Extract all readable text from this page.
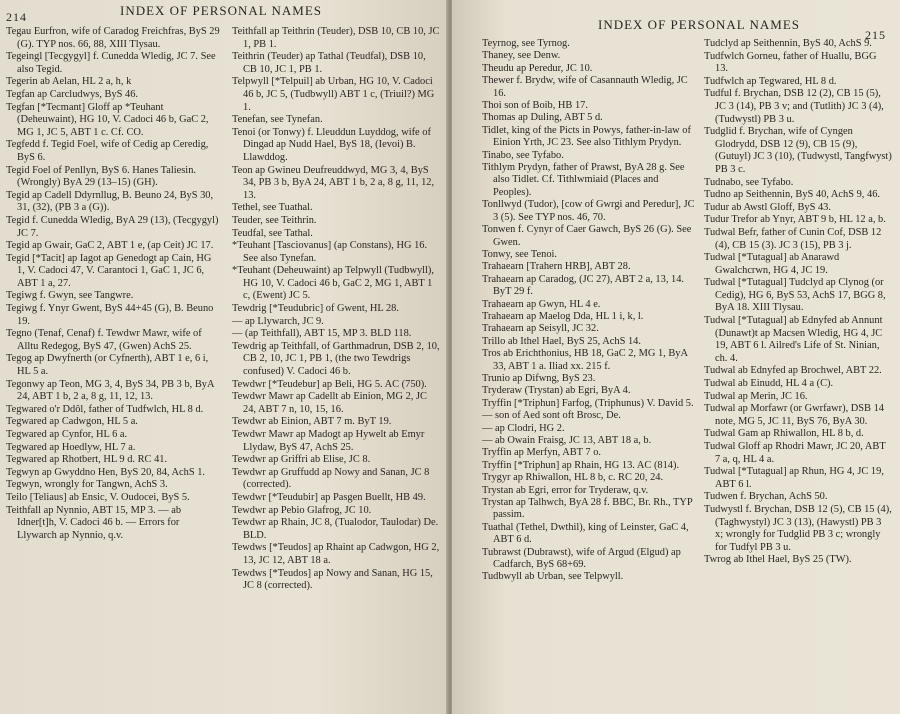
214	INDEX OF PERSONAL NAMES

Tegau Eurfron, wife of Caradog Freichfras, ByS 29 (G). TYP nos. 66, 88, XIII Tlysau.

Tegeingl [Tecgygyl] f. Cunedda Wledig, JC 7. See also Tegid.

Tegerin ab Aelan, HL 2 a, h, k

Tegfan ap Carcludwys, ByS 46.

Tegfan [*Tecmant] Gloff ap *Teuhant (Deheuwaint), HG 10, V. Cadoci 46 b, GaC 2, MG 1, JC 5, ABT 1 c. Cf. CO.

Tegfedd f. Tegid Foel, wife of Cedig ap Ceredig, ByS 6.

Tegid Foel of Penllyn, ByS 6. Hanes Taliesin. (Wrongly) ByA 29 (13–15) (GH).

Tegid ap Cadell Ddyrnllug, B. Beuno 24, ByS 30, 31, (32), (PB 3 a (G)).

Tegid f. Cunedda Wledig, ByA 29 (13), (Tecgygyl) JC 7.

Tegid ap Gwair, GaC 2, ABT 1 e, (ap Ceit) JC 17.

Tegid [*Tacit] ap Iagot ap Genedogt ap Cain, HG 1, V. Cadoci 47, V. Carantoci 1, GaC 1, JC 6, ABT 1 a, 27.

Tegiwg f. Gwyn, see Tangwre.

Tegiwg f. Ynyr Gwent, ByS 44+45 (G), B. Beuno 19.

Tegno (Tenaf, Cenaf) f. Tewdwr Mawr, wife of Alltu Redegog, ByS 47, (Gwen) AchS 25.

Tegog ap Dwyfnerth (or Cyfnerth), ABT 1 e, 6 i, HL 5 a.

Tegonwy ap Teon, MG 3, 4, ByS 34, PB 3 b, ByA 24, ABT 1 b, 2 a, 8 g, 11, 12, 13.

Tegwared o'r Ddôl, father of Tudfwlch, HL 8 d.

Tegwared ap Cadwgon, HL 5 a.

Tegwared ap Cynfor, HL 6 a.

Tegwared ap Hoedlyw, HL 7 a.

Tegwared ap Rhotbert, HL 9 d. RC 41.

Tegwyn ap Gwyddno Hen, ByS 20, 84, AchS 1.

Tegwyn, wrongly for Tangwn, AchS 3.

Teilo [Teliaus] ab Ensic, V. Oudocei, ByS 5.

Teithfall ap Nynnio, ABT 15, MP 3. — ab Idner[t]h, V. Cadoci 46 b. — Errors for Llywarch ap Nynnio, q.v.

Teithfall ap Teithrin (Teuder), DSB 10, CB 10, JC 1, PB 1.

Teithrin (Teuder) ap Tathal (Teudfal), DSB 10, CB 10, JC 1, PB 1.

Telpwyll [*Telpuil] ab Urban, HG 10, V. Cadoci 46 b, JC 5, (Tudbwyll) ABT 1 c, (Triuil?) MG 1.

Tenefan, see Tynefan.

Tenoi (or Tonwy) f. Lleuddun Luyddog, wife of Dingad ap Nudd Hael, ByS 18, (Ievoi) B. Llawddog.

Teon ap Gwineu Deufreuddwyd, MG 3, 4, ByS 34, PB 3 b, ByA 24, ABT 1 b, 2 a, 8 g, 11, 12, 13.

Tethel, see Tuathal.

Teuder, see Teithrin.

Teudfal, see Tathal.

*Teuhant [Tasciovanus] (ap Constans), HG 16. See also Tynefan.

*Teuhant (Deheuwaint) ap Telpwyll (Tudbwyll), HG 10, V. Cadoci 46 b, GaC 2, MG 1, ABT 1 c, (Ewent) JC 5.

Tewdrig [*Teudubric] of Gwent, HL 28.

— ap Llywarch, JC 9.

— (ap Teithfall), ABT 15, MP 3. BLD 118.

Tewdrig ap Teithfall, of Garthmadrun, DSB 2, 10, CB 2, 10, JC 1, PB 1, (the two Tewdrigs confused) V. Cadoci 46 b.

Tewdwr [*Teudebur] ap Beli, HG 5. AC (750).

Tewdwr Mawr ap Cadellt ab Einion, MG 2, JC 24, ABT 7 n, 10, 15, 16.

Tewdwr ab Einion, ABT 7 m. ByT 19.

Tewdwr Mawr ap Madogt ap Hywelt ab Emyr Llydaw, ByS 47, AchS 25.

Tewdwr ap Griffri ab Elise, JC 8.

Tewdwr ap Gruffudd ap Nowy and Sanan, JC 8 (corrected).

Tewdwr [*Teudubir] ap Pasgen Buellt, HB 49.

Tewdwr ap Pebio Glafrog, JC 10.

Tewdwr ap Rhain, JC 8, (Tualodor, Taulodar) De. BLD.

Tewdws [*Teudos] ap Rhaint ap Cadwgon, HG 2, 13, JC 12, ABT 18 a.

Tewdws [*Teudos] ap Nowy and Sanan, HG 15, JC 8 (corrected).

INDEX OF PERSONAL NAMES
215

Teyrnog, see Tyrnog.

Thaney, see Denw.

Theudu ap Peredur, JC 10.

Thewer f. Brydw, wife of Casannauth Wledig, JC 16.

Thoi son of Boib, HB 17.

Thomas ap Duling, ABT 5 d.

Tidlet, king of the Picts in Powys, father-in-law of Einion Yrth, JC 23. See also Tithlym Prydyn.

Tinabo, see Tyfabo.

Tithlym Prydyn, father of Prawst, ByA 28 g. See also Tidlet. Cf. Tithlwmiaid (Places and Peoples).

Tonllwyd (Tudor), [cow of Gwrgi and Peredur], JC 3 (5). See TYP nos. 46, 70.

Tonwen f. Cynyr of Caer Gawch, ByS 26 (G). See Gwen.

Tonwy, see Tenoi.

Trahaearn [Trahern HRB], ABT 28.

Trahaearn ap Caradog, (JC 27), ABT 2 a, 13, 14. ByT 29 f.

Trahaearn ap Gwyn, HL 4 e.

Trahaearn ap Maelog Dda, HL 1 i, k, l.

Trahaearn ap Seisyll, JC 32.

Trillo ab Ithel Hael, ByS 25, AchS 14.

Tros ab Erichthonius, HB 18, GaC 2, MG 1, ByA 33, ABT 1 a. Iliad xx. 215 f.

Trunio ap Difwng, ByS 23.

Tryderaw (Trystan) ab Egri, ByA 4.

Tryffin [*Triphun] Farfog, (Triphunus) V. David 5.

— son of Aed sont oft Brosc, De.

— ap Clodri, HG 2.

— ab Owain Fraisg, JC 13, ABT 18 a, b.

Tryffin ap Merfyn, ABT 7 o.

Tryffin [*Triphun] ap Rhain, HG 13. AC (814).

Trygyr ap Rhiwallon, HL 8 b, c. RC 20, 24.

Trystan ab Egri, error for Tryderaw, q.v.

Trystan ap Talhwch, ByA 28 f. BBC, Br. Rh., TYP passim.

Tuathal (Tethel, Dwthil), king of Leinster, GaC 4, ABT 6 d.

Tubrawst (Dubrawst), wife of Argud (Elgud) ap Cadfarch, ByS 68+69.

Tudbwyll ab Urban, see Telpwyll.

Tudclyd ap Seithennin, ByS 40, AchS 9.

Tudfwlch Gorneu, father of Huallu, BGG 13.

Tudfwlch ap Tegwared, HL 8 d.

Tudful f. Brychan, DSB 12 (2), CB 15 (5), JC 3 (14), PB 3 v; and (Tutlith) JC 3 (4), (Tudwystl) PB 3 u.

Tudglid f. Brychan, wife of Cyngen Glodrydd, DSB 12 (9), CB 15 (9), (Gutuyl) JC 3 (10), (Tudwystl, Tangfwyst) PB 3 c.

Tudnabo, see Tyfabo.

Tudno ap Seithennin, ByS 40, AchS 9, 46.

Tudur ab Awstl Gloff, ByS 43.

Tudur Trefor ab Ynyr, ABT 9 b, HL 12 a, b.

Tudwal Befr, father of Cunin Cof, DSB 12 (4), CB 15 (3). JC 3 (15), PB 3 j.

Tudwal [*Tutagual] ab Anarawd Gwalchcrwn, HG 4, JC 19.

Tudwal [*Tutagual] Tudclyd ap Clynog (or Cedig), HG 6, ByS 53, AchS 17, BGG 8, ByA 18. XIII Tlysau.

Tudwal [*Tutagual] ab Ednyfed ab Annunt (Dunawt)t ap Macsen Wledig, HG 4, JC 19, ABT 6 l. Ailred's Life of St. Ninian, ch. 4.

Tudwal ab Ednyfed ap Brochwel, ABT 22.

Tudwal ab Einudd, HL 4 a (C).

Tudwal ap Merin, JC 16.

Tudwal ap Morfawr (or Gwrfawr), DSB 14 note, MG 5, JC 11, ByS 76, ByA 30.

Tudwal Gam ap Rhiwallon, HL 8 b, d.

Tudwal Gloff ap Rhodri Mawr, JC 20, ABT 7 a, q, HL 4 a.

Tudwal [*Tutagual] ap Rhun, HG 4, JC 19, ABT 6 l.

Tudwen f. Brychan, AchS 50.

Tudwystl f. Brychan, DSB 12 (5), CB 15 (4), (Taghwystyl) JC 3 (13), (Hawystl) PB 3 x; wrongly for Tudglid PB 3 c; wrongly for Tudfyl PB 3 u.

Twrog ab Ithel Hael, ByS 25 (TW).
